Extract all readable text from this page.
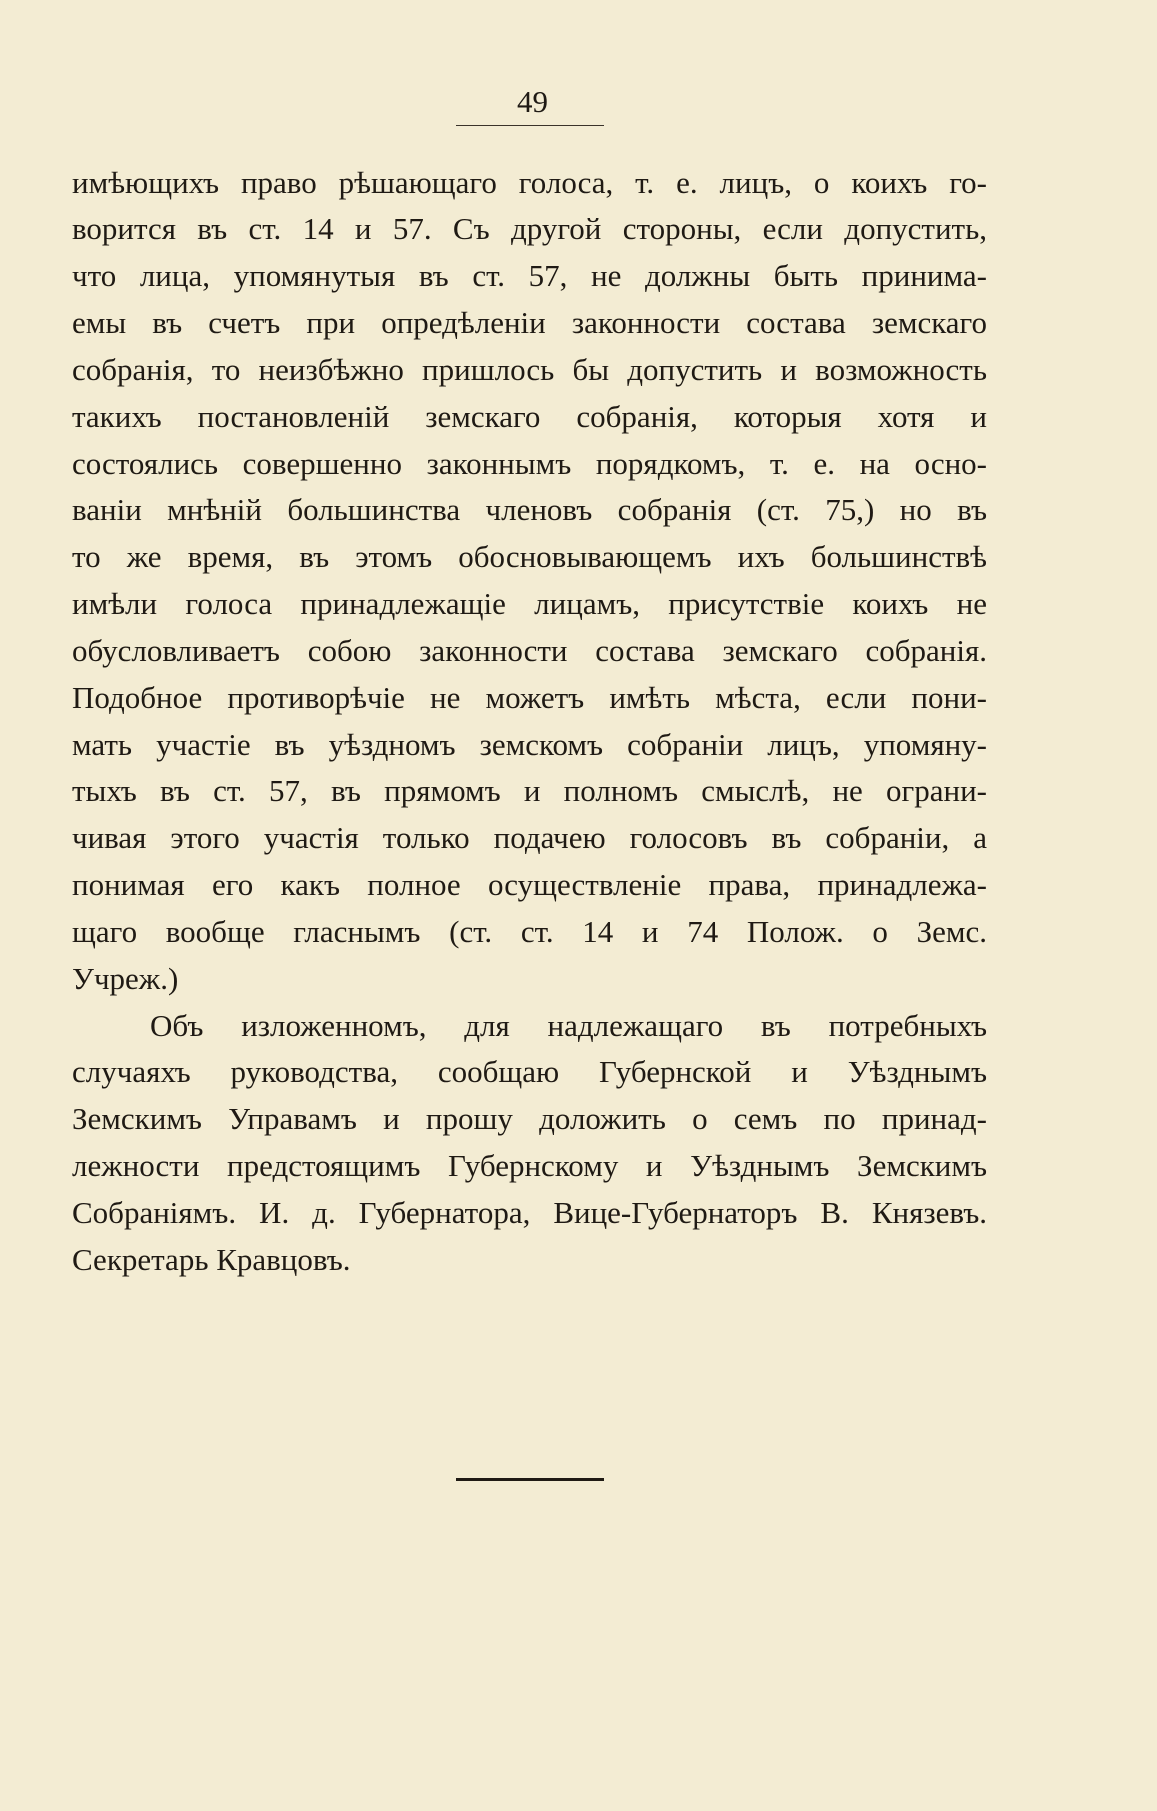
49
имѣющихъ право рѣшающаго голоса, т. е. лицъ, о коихъ го-
ворится въ ст. 14 и 57. Съ другой стороны, если допустить,
что лица, упомянутыя въ ст. 57, не должны быть принима-
емы въ счетъ при опредѣленіи законности состава земскаго
собранія, то неизбѣжно пришлось бы допустить и возможность
такихъ постановленій земскаго собранія, которыя хотя и
состоялись совершенно законнымъ порядкомъ, т. е. на осно-
ваніи мнѣній большинства членовъ собранія (ст. 75,) но въ
то же время, въ этомъ обосновывающемъ ихъ большинствѣ
имѣли голоса принадлежащіе лицамъ, присутствіе коихъ не
обусловливаетъ собою законности состава земскаго собранія.
Подобное противорѣчіе не можетъ имѣть мѣста, если пони-
мать участіе въ уѣздномъ земскомъ собраніи лицъ, упомяну-
тыхъ въ ст. 57, въ прямомъ и полномъ смыслѣ, не ограни-
чивая этого участія только подачею голосовъ въ собраніи, а
понимая его какъ полное осуществленіе права, принадлежа-
щаго вообще гласнымъ (ст. ст. 14 и 74 Полож. о Земс.
Учреж.)
Объ изложенномъ, для надлежащаго въ потребныхъ
случаяхъ руководства, сообщаю Губернской и Уѣзднымъ
Земскимъ Управамъ и прошу доложить о семъ по принад-
лежности предстоящимъ Губернскому и Уѣзднымъ Земскимъ
Собраніямъ. И. д. Губернатора, Вице-Губернаторъ В. Князевъ.
Секретарь Кравцовъ.
